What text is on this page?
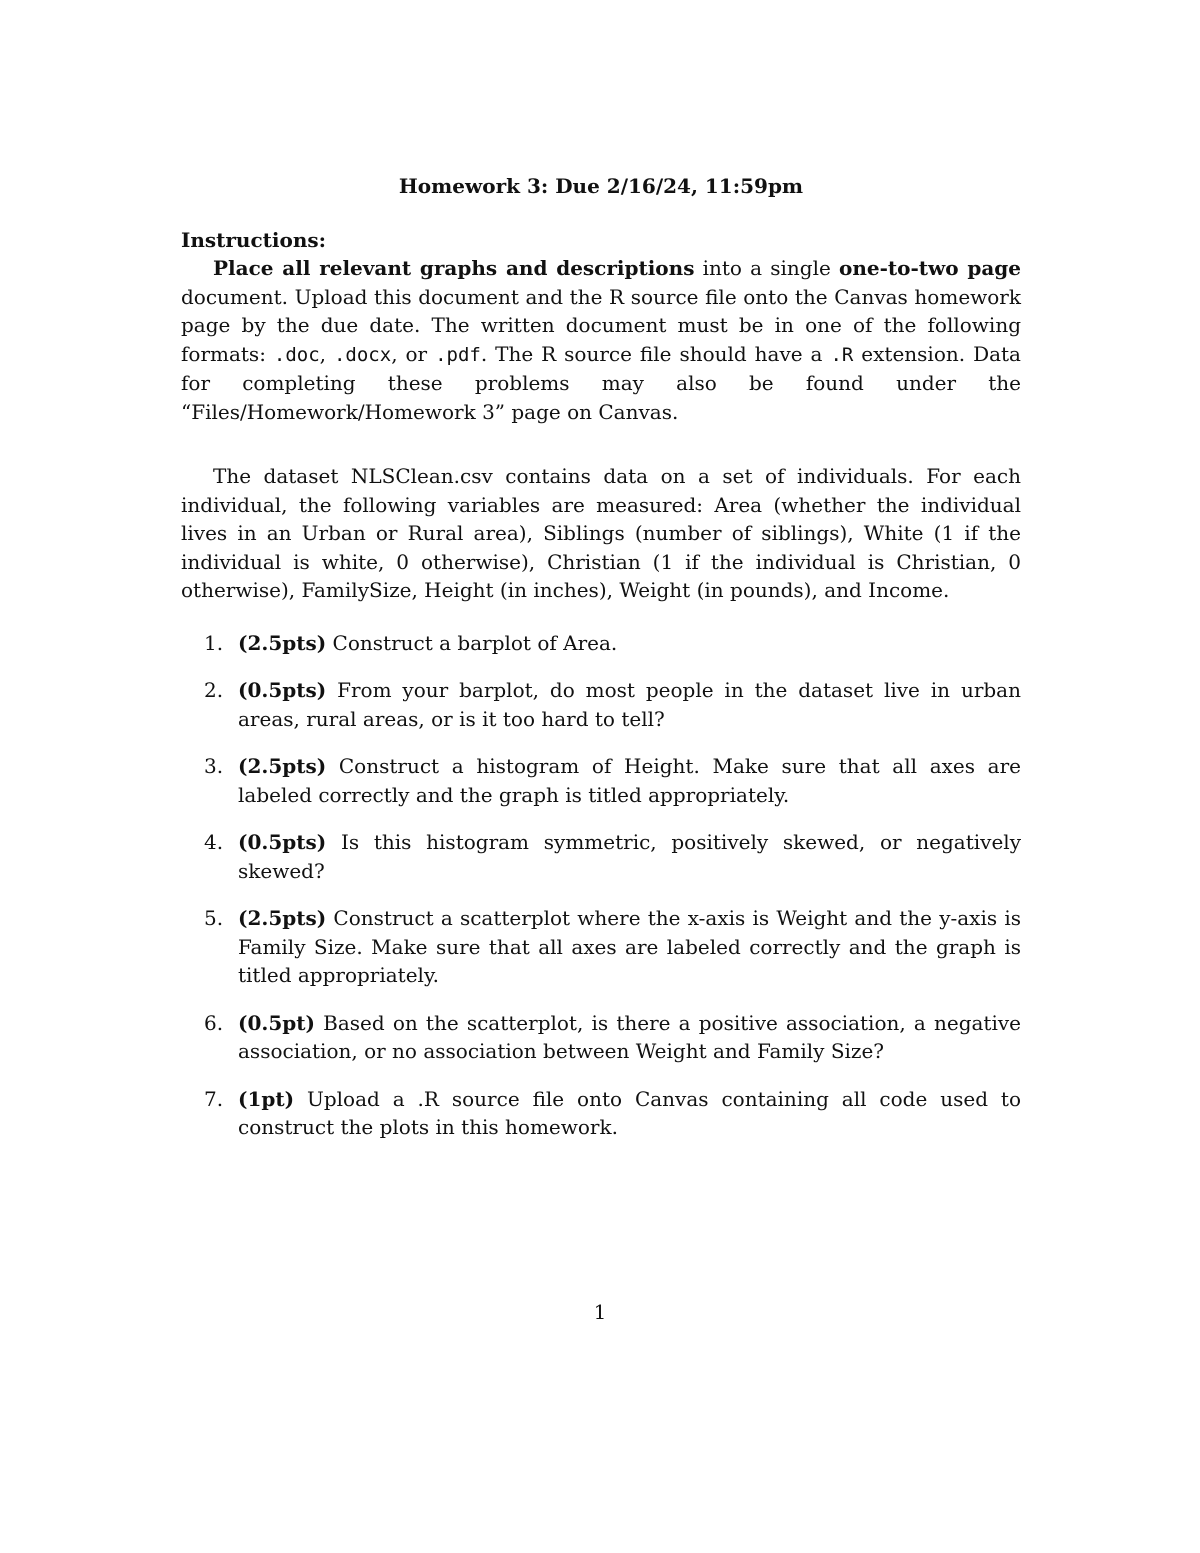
Homework 3: Due 2/16/24, 11:59pm
Instructions:

Place all relevant graphs and descriptions into a single one-to-two page document. Upload this document and the R source file onto the Canvas homework page by the due date. The written document must be in one of the following formats: .doc, .docx, or .pdf. The R source file should have a .R extension. Data for completing these problems may also be found under the “Files/Homework/Homework 3” page on Canvas.

The dataset NLSClean.csv contains data on a set of individuals. For each individual, the following variables are measured: Area (whether the individual lives in an Urban or Rural area), Siblings (number of siblings), White (1 if the individual is white, 0 otherwise), Christian (1 if the individual is Christian, 0 otherwise), FamilySize, Height (in inches), Weight (in pounds), and Income.

1. (2.5pts) Construct a barplot of Area.
2. (0.5pts) From your barplot, do most people in the dataset live in urban areas, rural areas, or is it too hard to tell?
3. (2.5pts) Construct a histogram of Height. Make sure that all axes are labeled correctly and the graph is titled appropriately.
4. (0.5pts) Is this histogram symmetric, positively skewed, or negatively skewed?
5. (2.5pts) Construct a scatterplot where the x-axis is Weight and the y-axis is Family Size. Make sure that all axes are labeled correctly and the graph is titled appropriately.
6. (0.5pt) Based on the scatterplot, is there a positive association, a negative association, or no association between Weight and Family Size?
7. (1pt) Upload a .R source file onto Canvas containing all code used to construct the plots in this homework.
1
